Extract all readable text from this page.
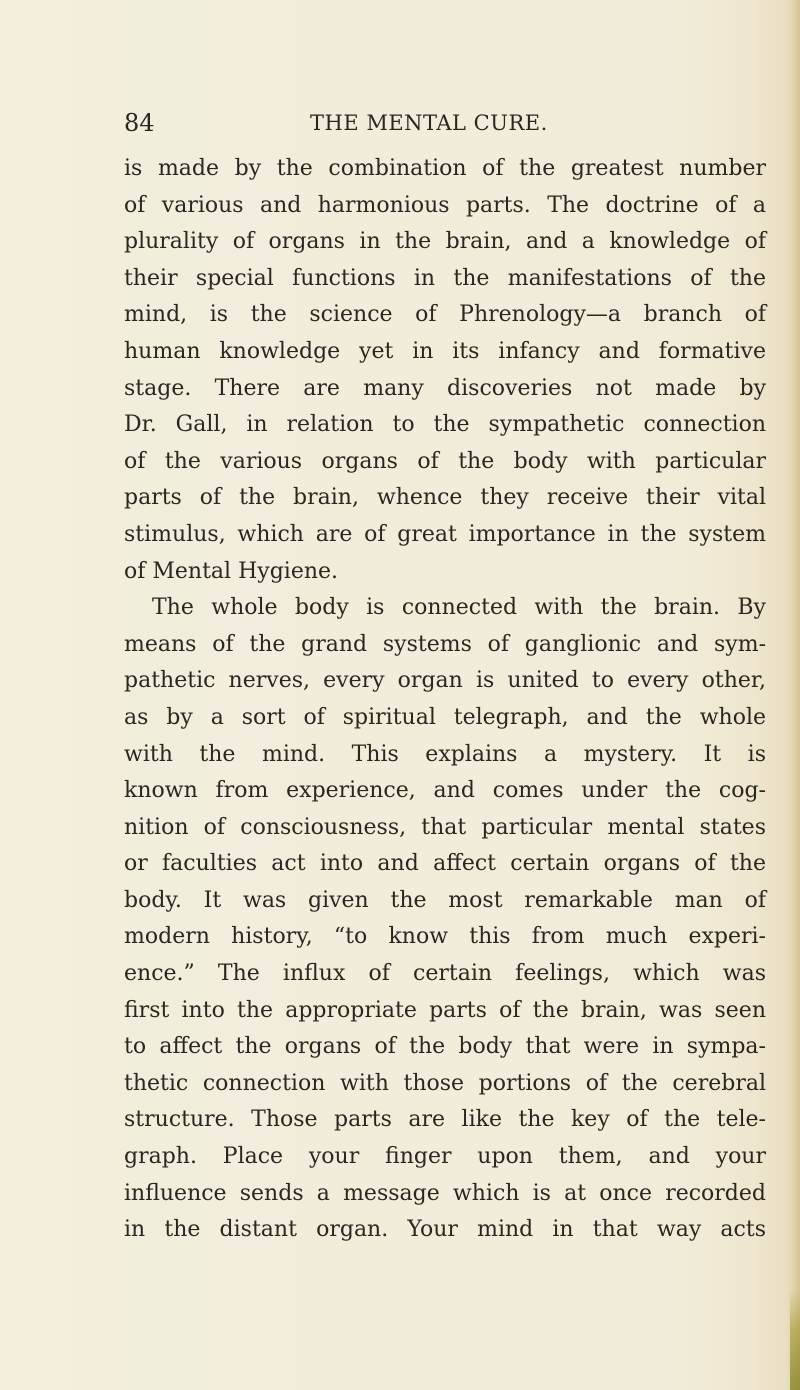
84	THE MENTAL CURE.
is made by the combination of the greatest number
of various and harmonious parts. The doctrine of a
plurality of organs in the brain, and a knowledge of
their special functions in the manifestations of the
mind, is the science of Phrenology—a branch of
human knowledge yet in its infancy and formative
stage. There are many discoveries not made by
Dr. Gall, in relation to the sympathetic connection
of the various organs of the body with particular
parts of the brain, whence they receive their vital
stimulus, which are of great importance in the system
of Mental Hygiene.
The whole body is connected with the brain. By
means of the grand systems of ganglionic and sym-
pathetic nerves, every organ is united to every other,
as by a sort of spiritual telegraph, and the whole
with the mind. This explains a mystery. It is
known from experience, and comes under the cog-
nition of consciousness, that particular mental states
or faculties act into and affect certain organs of the
body. It was given the most remarkable man of
modern history, “to know this from much experi-
ence.” The influx of certain feelings, which was
first into the appropriate parts of the brain, was seen
to affect the organs of the body that were in sympa-
thetic connection with those portions of the cerebral
structure. Those parts are like the key of the tele-
graph. Place your finger upon them, and your
influence sends a message which is at once recorded
in the distant organ. Your mind in that way acts
